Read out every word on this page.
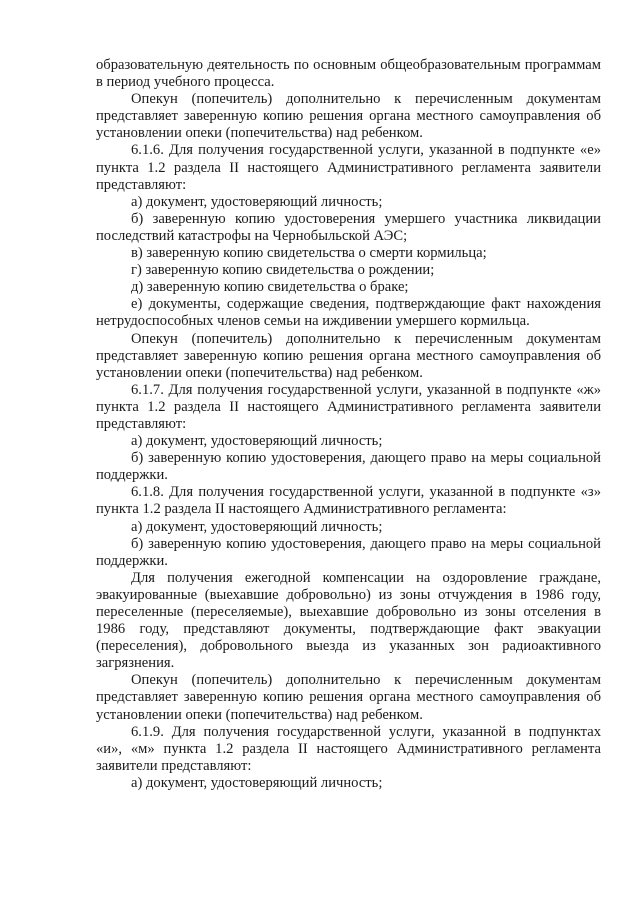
образовательную деятельность по основным общеобразовательным программам в период учебного процесса.

Опекун (попечитель) дополнительно к перечисленным документам представляет заверенную копию решения органа местного самоуправления об установлении опеки (попечительства) над ребенком.

6.1.6. Для получения государственной услуги, указанной в подпункте «е» пункта 1.2 раздела II настоящего Административного регламента заявители представляют:

а) документ, удостоверяющий личность;

б) заверенную копию удостоверения умершего участника ликвидации последствий катастрофы на Чернобыльской АЭС;

в) заверенную копию свидетельства о смерти кормильца;

г) заверенную копию свидетельства о рождении;

д) заверенную копию свидетельства о браке;

е) документы, содержащие сведения, подтверждающие факт нахождения нетрудоспособных членов семьи на иждивении умершего кормильца.

Опекун (попечитель) дополнительно к перечисленным документам представляет заверенную копию решения органа местного самоуправления об установлении опеки (попечительства) над ребенком.

6.1.7. Для получения государственной услуги, указанной в подпункте «ж» пункта 1.2 раздела II настоящего Административного регламента заявители представляют:

а) документ, удостоверяющий личность;

б) заверенную копию удостоверения, дающего право на меры социальной поддержки.

6.1.8. Для получения государственной услуги, указанной в подпункте «з» пункта 1.2 раздела II настоящего Административного регламента:

а) документ, удостоверяющий личность;

б) заверенную копию удостоверения, дающего право на меры социальной поддержки.

Для получения ежегодной компенсации на оздоровление граждане, эвакуированные (выехавшие добровольно) из зоны отчуждения в 1986 году, переселенные (переселяемые), выехавшие добровольно из зоны отселения в 1986 году, представляют документы, подтверждающие факт эвакуации (переселения), добровольного выезда из указанных зон радиоактивного загрязнения.

Опекун (попечитель) дополнительно к перечисленным документам представляет заверенную копию решения органа местного самоуправления об установлении опеки (попечительства) над ребенком.

6.1.9. Для получения государственной услуги, указанной в подпунктах «и», «м» пункта 1.2 раздела II настоящего Административного регламента заявители представляют:

а) документ, удостоверяющий личность;
